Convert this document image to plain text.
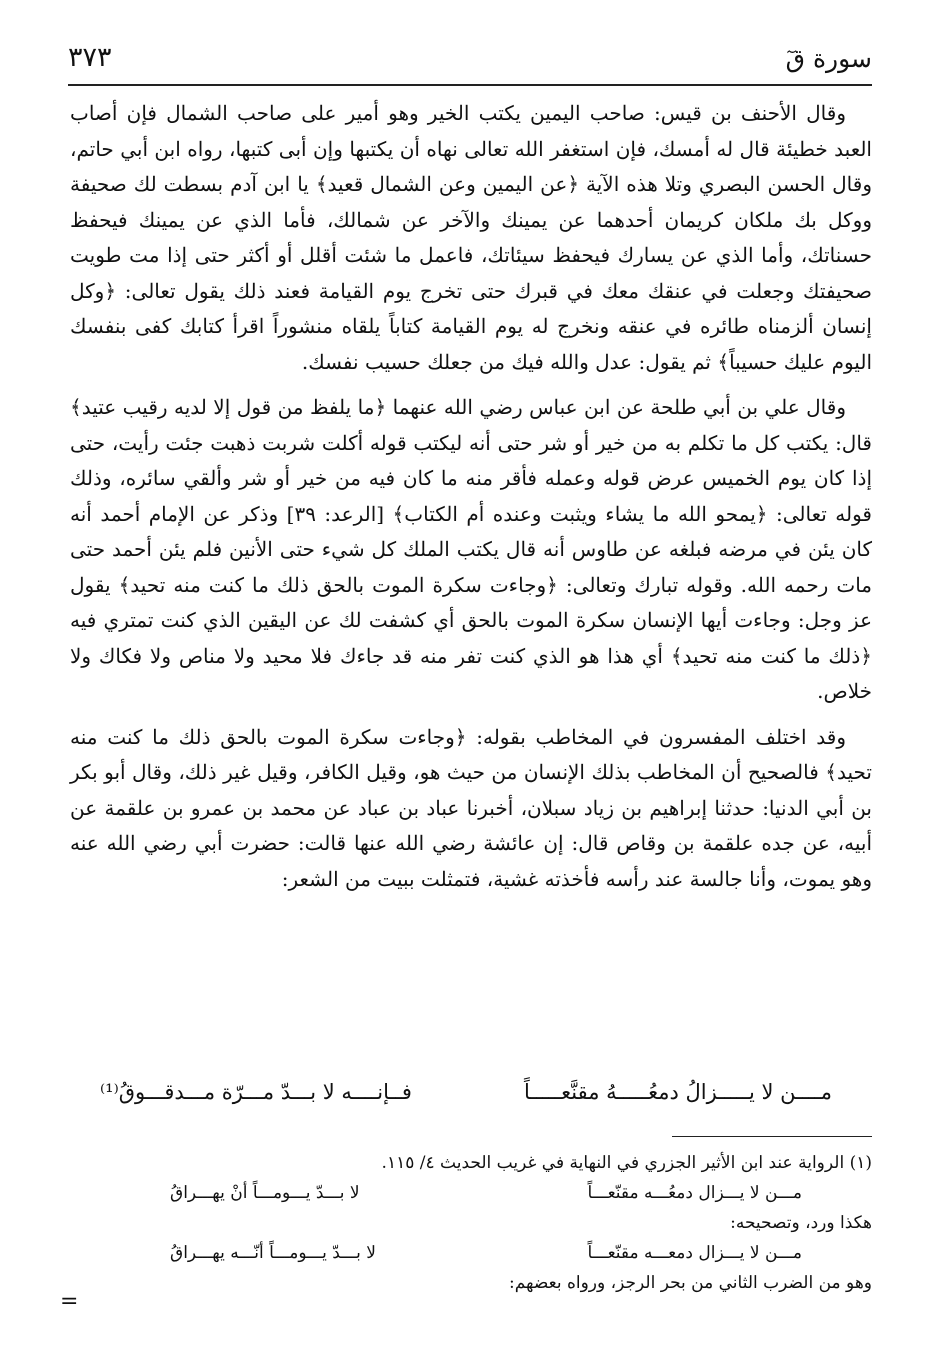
سورة قٓ
٣٧٣

وقال الأحنف بن قيس: صاحب اليمين يكتب الخير وهو أمير على صاحب الشمال فإن أصاب العبد خطيئة قال له أمسك، فإن استغفر الله تعالى نهاه أن يكتبها وإن أبى كتبها، رواه ابن أبي حاتم، وقال الحسن البصري وتلا هذه الآية ﴿عن اليمين وعن الشمال قعيد﴾ يا ابن آدم بسطت لك صحيفة ووكل بك ملكان كريمان أحدهما عن يمينك والآخر عن شمالك، فأما الذي عن يمينك فيحفظ حسناتك، وأما الذي عن يسارك فيحفظ سيئاتك، فاعمل ما شئت أقلل أو أكثر حتى إذا مت طويت صحيفتك وجعلت في عنقك معك في قبرك حتى تخرج يوم القيامة فعند ذلك يقول تعالى: ﴿وكل إنسان ألزمناه طائره في عنقه ونخرج له يوم القيامة كتاباً يلقاه منشوراً اقرأ كتابك كفى بنفسك اليوم عليك حسيباً﴾ ثم يقول: عدل والله فيك من جعلك حسيب نفسك.

وقال علي بن أبي طلحة عن ابن عباس رضي الله عنهما ﴿ما يلفظ من قول إلا لديه رقيب عتيد﴾ قال: يكتب كل ما تكلم به من خير أو شر حتى أنه ليكتب قوله أكلت شربت ذهبت جئت رأيت، حتى إذا كان يوم الخميس عرض قوله وعمله فأقر منه ما كان فيه من خير أو شر وألقي سائره، وذلك قوله تعالى: ﴿يمحو الله ما يشاء ويثبت وعنده أم الكتاب﴾ [الرعد: ٣٩] وذكر عن الإمام أحمد أنه كان يئن في مرضه فبلغه عن طاوس أنه قال يكتب الملك كل شيء حتى الأنين فلم يئن أحمد حتى مات رحمه الله. وقوله تبارك وتعالى: ﴿وجاءت سكرة الموت بالحق ذلك ما كنت منه تحيد﴾ يقول عز وجل: وجاءت أيها الإنسان سكرة الموت بالحق أي كشفت لك عن اليقين الذي كنت تمتري فيه ﴿ذلك ما كنت منه تحيد﴾ أي هذا هو الذي كنت تفر منه قد جاءك فلا محيد ولا مناص ولا فكاك ولا خلاص.

وقد اختلف المفسرون في المخاطب بقوله: ﴿وجاءت سكرة الموت بالحق ذلك ما كنت منه تحيد﴾ فالصحيح أن المخاطب بذلك الإنسان من حيث هو، وقيل الكافر، وقيل غير ذلك، وقال أبو بكر بن أبي الدنيا: حدثنا إبراهيم بن زياد سبلان، أخبرنا عباد بن عباد عن محمد بن عمرو بن علقمة عن أبيه، عن جده علقمة بن وقاص قال: إن عائشة رضي الله عنها قالت: حضرت أبي رضي الله عنه وهو يموت، وأنا جالسة عند رأسه فأخذته غشية، فتمثلت ببيت من الشعر:

مــــن لا يـــــزالُ دمعُـــــهُ مقنَّعـــــاً
فــإنــــه لا بـــدّ مـــرّة مـــدقـــوقُ⁽¹⁾
(١) الرواية عند ابن الأثير الجزري في النهاية في غريب الحديث ٤/ ١١٥.
مـــن لا يـــزال دمعُـــه مقنّعـــاً
لا بـــدّ يـــومـــاً أنْ يهـــراقُ
هكذا ورد، وتصحيحه:
مـــن لا يـــزال دمعـــه مقنّعـــاً
لا بـــدّ يـــومـــاً أنّـــه يهـــراقُ
وهو من الضرب الثاني من بحر الرجز، ورواه بعضهم:
=
